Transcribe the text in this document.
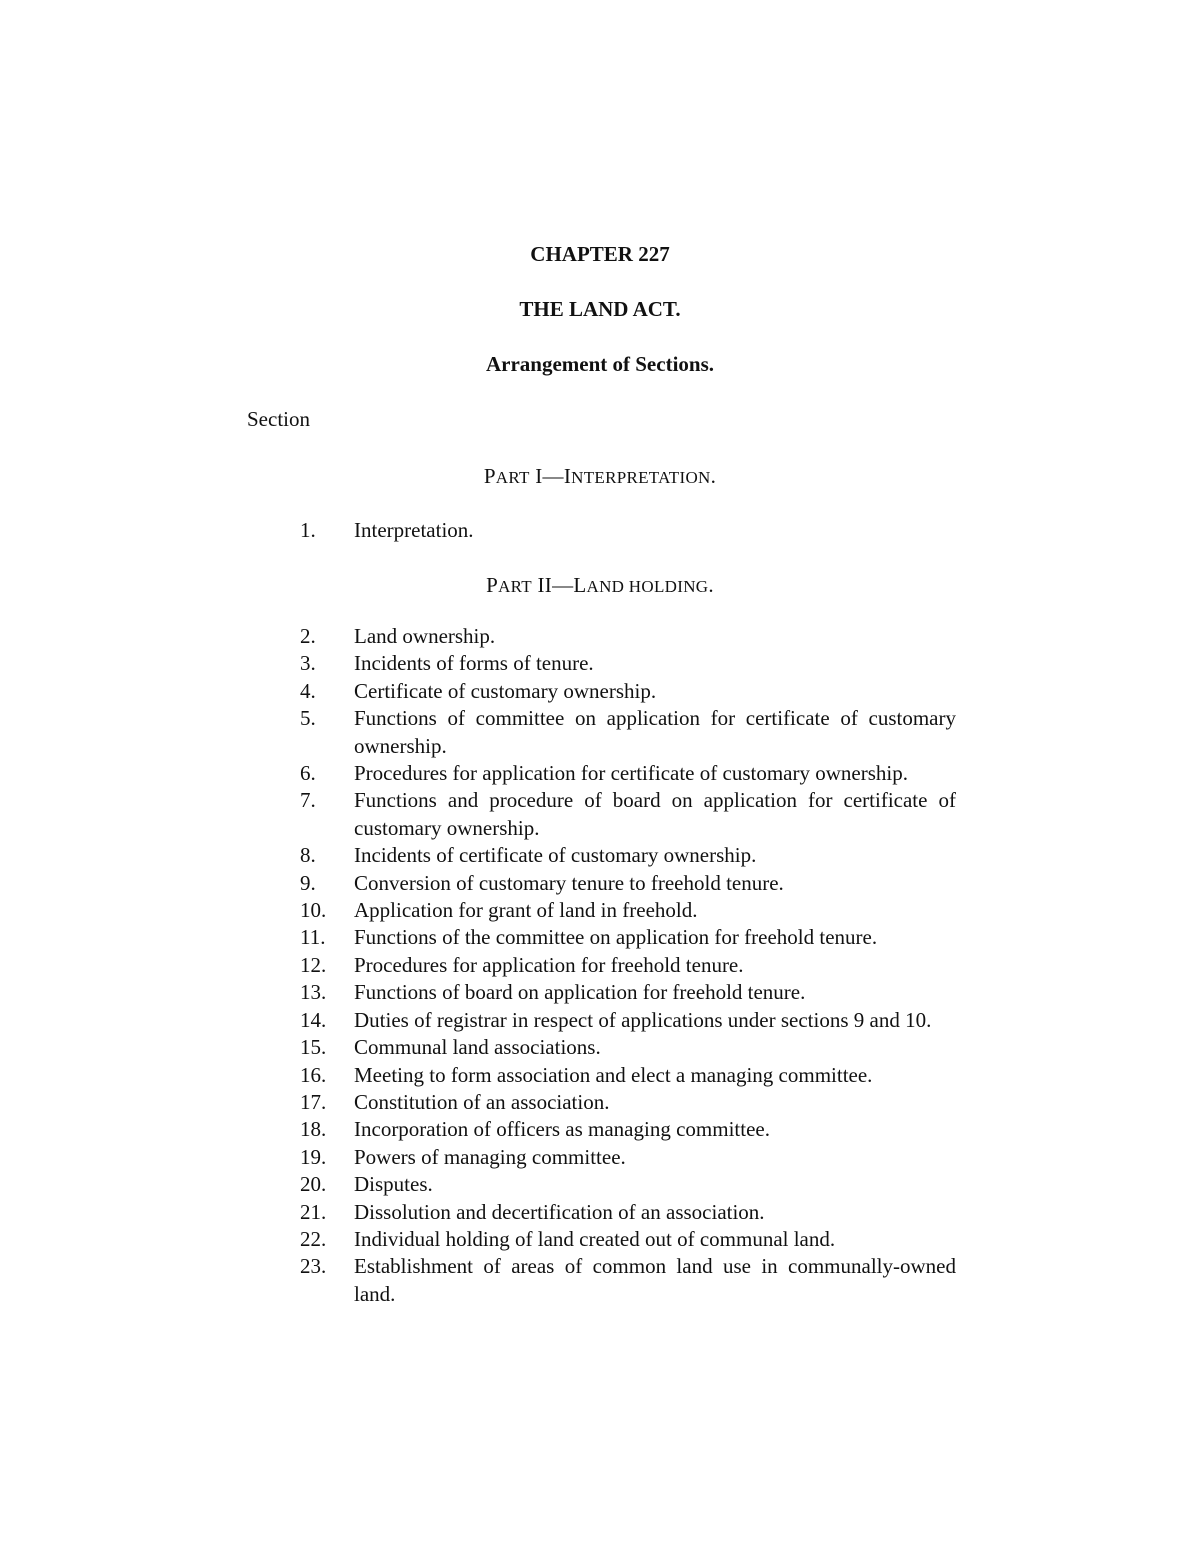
CHAPTER 227
THE LAND ACT.
Arrangement of Sections.
Section
PART I—INTERPRETATION.
1.	Interpretation.
PART II—LAND HOLDING.
2.	Land ownership.
3.	Incidents of forms of tenure.
4.	Certificate of customary ownership.
5.	Functions of committee on application for certificate of customary ownership.
6.	Procedures for application for certificate of customary ownership.
7.	Functions and procedure of board on application for certificate of customary ownership.
8.	Incidents of certificate of customary ownership.
9.	Conversion of customary tenure to freehold tenure.
10.	Application for grant of land in freehold.
11.	Functions of the committee on application for freehold tenure.
12.	Procedures for application for freehold tenure.
13.	Functions of board on application for freehold tenure.
14.	Duties of registrar in respect of applications under sections 9 and 10.
15.	Communal land associations.
16.	Meeting to form association and elect a managing committee.
17.	Constitution of an association.
18.	Incorporation of officers as managing committee.
19.	Powers of managing committee.
20.	Disputes.
21.	Dissolution and decertification of an association.
22.	Individual holding of land created out of communal land.
23.	Establishment of areas of common land use in communally-owned land.
